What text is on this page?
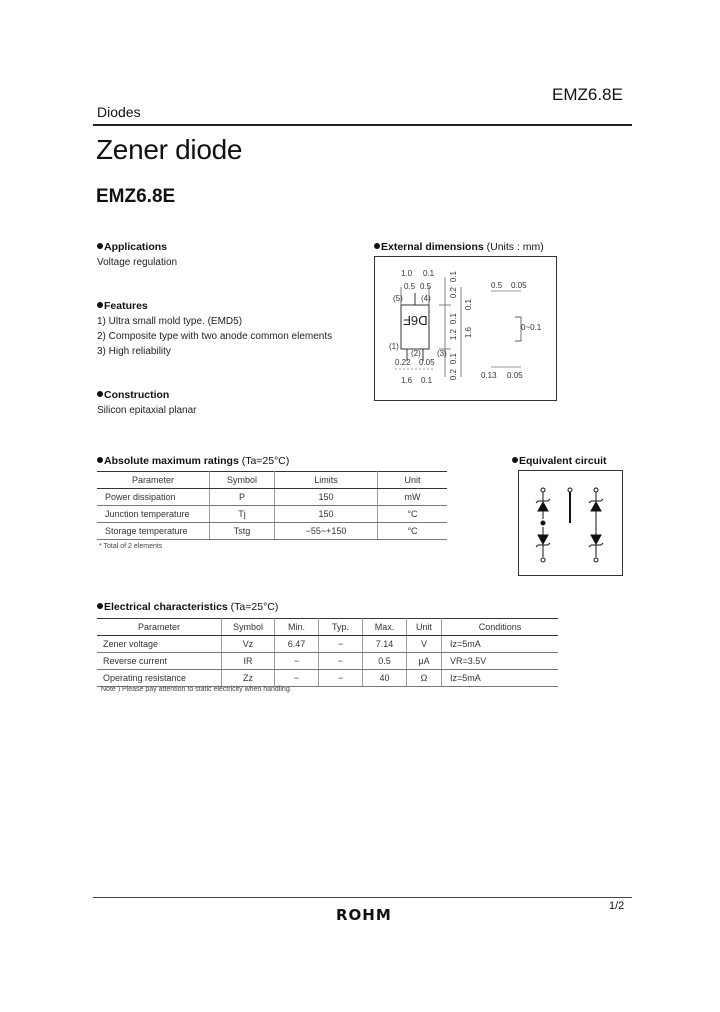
EMZ6.8E
Diodes
Zener diode
EMZ6.8E
Applications
Voltage regulation
Features
1) Ultra small mold type. (EMD5)
2) Composite type with two anode common elements
3) High reliability
Construction
Silicon epitaxial planar
External dimensions (Units : mm)
D6F
1.0 0.1
0.5 0.5
(5) (4)
(1)
(2) (3)
0.22 0.05
1.6 0.1
0.1
0.2
0.1
1.2 1.6
0.1
0.2
0.1
0.5 0.05
0~0.1
0.13 0.05
Absolute maximum ratings (Ta=25°C)
Parameter	Symbol	Limits	Unit
Power dissipation	P	150	mW
Junction temperature	Tj	150	°C
Storage temperature	Tstg	−55~+150	°C
* Total of 2 elements
Equivalent circuit
Electrical characteristics (Ta=25°C)
Parameter	Symbol	Min.	Typ.	Max.	Unit	Conditions
Zener voltage	Vz	6.47	−	7.14	V	Iz=5mA
Reverse current	IR	−	−	0.5	μA	VR=3.5V
Operating resistance	Zz	−	−	40	Ω	Iz=5mA
Note ) Please pay attention to static electricity when handling.
1/2
ROHM
